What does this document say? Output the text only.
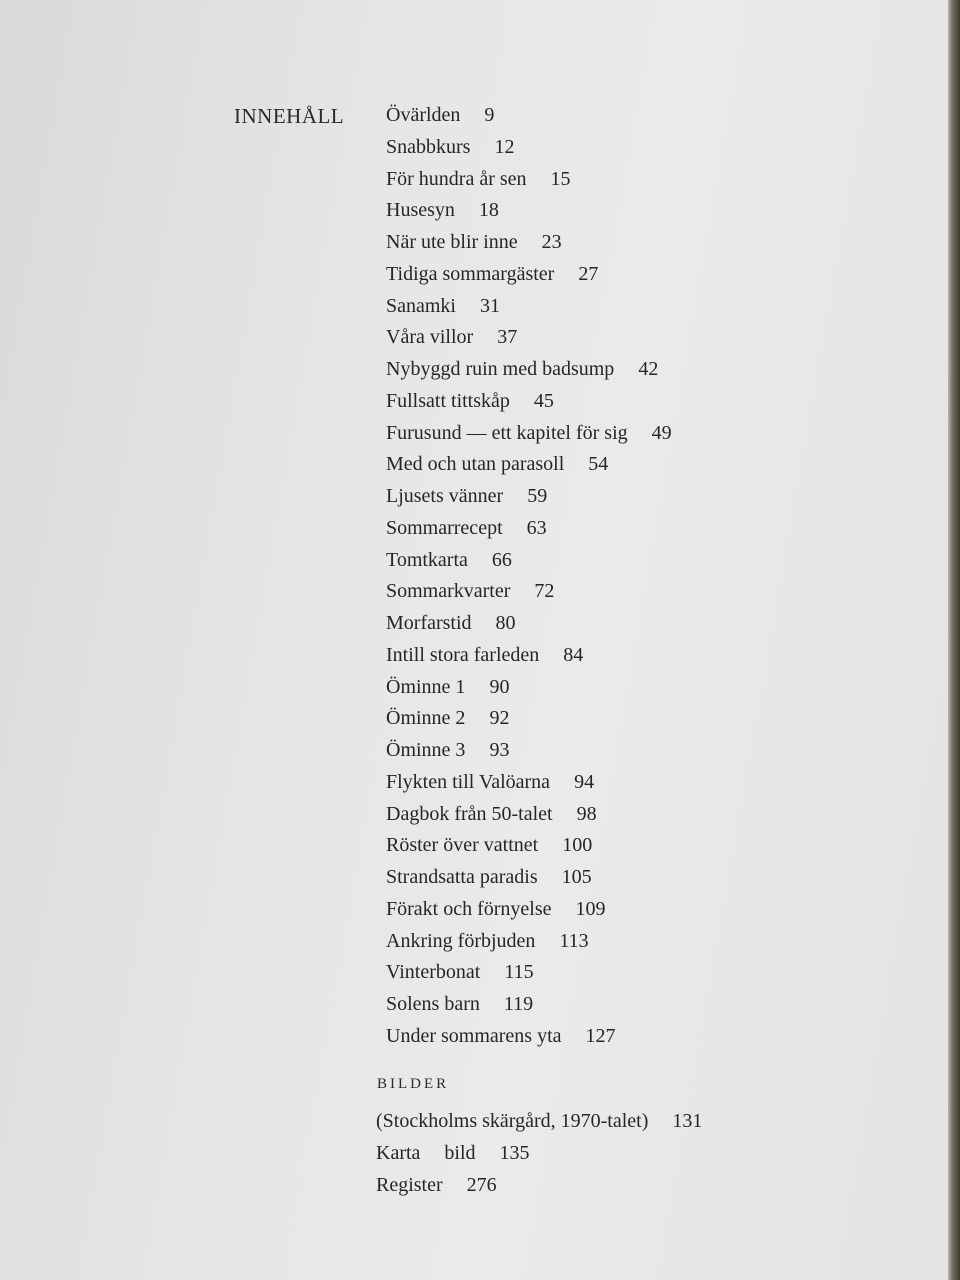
INNEHÅLL Övärlden 9
Snabbkurs 12
För hundra år sen 15
Husesyn 18
När ute blir inne 23
Tidiga sommargäster 27
Sanamki 31
Våra villor 37
Nybyggd ruin med badsump 42
Fullsatt tittskåp 45
Furusund — ett kapitel för sig 49
Med och utan parasoll 54
Ljusets vänner 59
Sommarrecept 63
Tomtkarta 66
Sommarkvarter 72
Morfarstid 80
Intill stora farleden 84
Öminne 1 90
Öminne 2 92
Öminne 3 93
Flykten till Valöarna 94
Dagbok från 50-talet 98
Röster över vattnet 100
Strandsatta paradis 105
Förakt och förnyelse 109
Ankring förbjuden 113
Vinterbonat 115
Solens barn 119
Under sommarens yta 127
BILDER
(Stockholms skärgård, 1970-talet) 131
Karta bild 135
Register 276
